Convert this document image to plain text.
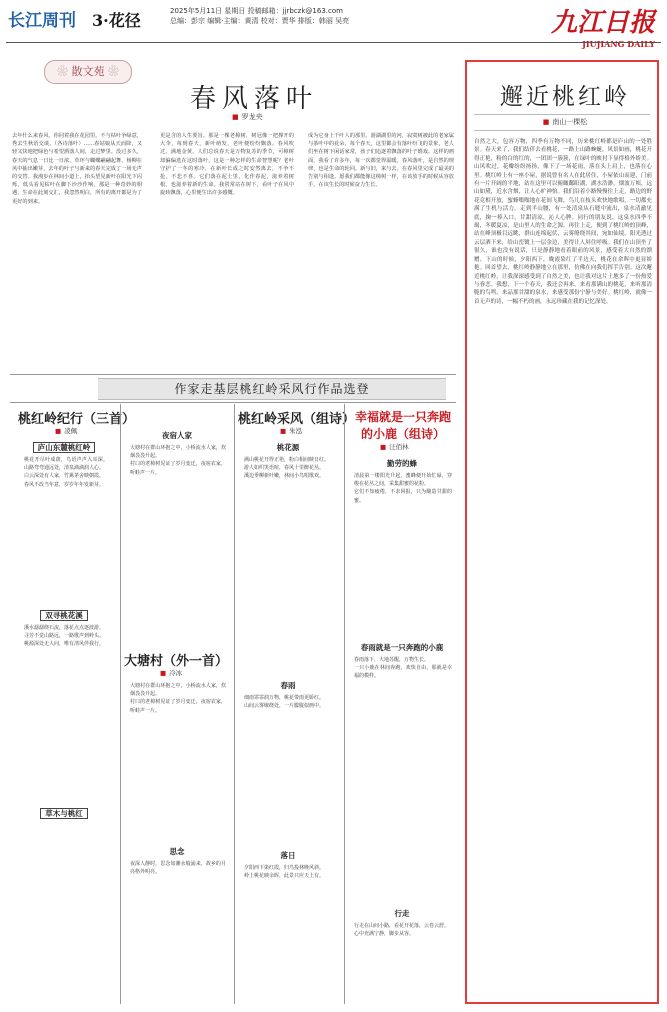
长江周刊 3·花径	2025年5月11日 星期日 投稿邮箱：jjrbczk@163.com
总编：彭宗 编辑·主编：黄清 校对：贾华 排版：韩丽 吴亮	九江日报
JIUJIANG DAILY
❀ 散文苑 ❀
春风落叶
■ 罗龙央
去年什么来春风，你同着我在花园里。不与枯叶争绿意，秀去生秋语交谈。（各诗落叶）……春姑娘从天而降，又轻又快地把绿色与希望洒落人间，走过梦里。没过多久，春天的气息一日比一日浓，草坪与蝴蝶翩翩起舞，杨柳在风中抽出嫩芽，去年的叶子与新来的春天完成了一场无声的交替。我漫步在林间小道上，抬头望见新叶在阳光下闪烁，低头看见枯叶在脚下沙沙作响，那是一种奇妙的相遇，生命在此刻交汇，我忽然明白，所有的离开都是为了更好的到来。
更是含的人生要旨。那是一棵老樟树，树冠像一把撑开的大伞，每到春天，新叶萌发，老叶便纷纷飘落。春风吹过，满地金黄，人们总说春天是万物复苏的季节，可樟树却偏偏选在这时落叶，这是一种怎样的生命智慧呢？老叶守护了一冬的寒冷，在新叶长成之时安然离去，不争不抢，不悲不喜。它们落在泥土里，化作春泥，滋养着树根，也滋养着新的生命。我常常站在树下，看叶子在风中旋转飘落，心里便生出许多感慨。
成为它身上千叶人的那里。游湖湖里的河，寂寞树被此的老家属与茶叶中的花朵，每个春天，这里都会有落叶纷飞的景象，老人们坐在树下闲话家常，孩子们追逐着飘落的叶子嬉戏。这样的画面，我看了许多年，每一次都觉得温暖。春风落叶，是自然的规律，也是生命的轮回。新与旧，来与去，在春风里完成了最美的告别与相逢。愿我们都能像这樟树一样，在该放手的时候从容放手，在该生长的时候奋力生长。
邂近桃红岭
■ 南山一棵松
自然之大，包容万物，四季有万物不同，历来桃红岭都是庐山的一处胜景。春天来了，我们结伴去看桃花，一路上山路蜿蜒，风景如画，桃花开得正艳，粉的白的红的，一团团一簇簇，在绿叶的映衬下显得格外娇美。山风吹过，花瓣纷纷扬扬，像下了一场花雨，落在头上肩上，也落在心里。桃红岭上有一座小屋，据说曾有名人在此居住，小屋依山而建，门前有一片开阔的平地，站在这里可以俯瞰鄱阳湖，湖水浩渺，烟波万顷，远山如黛，近水含烟，让人心旷神怡。我们沿着小路慢慢往上走，路边的野花竞相开放，蜜蜂嗡嗡地在花间飞舞，鸟儿在枝头欢快地歌唱，一切都充满了生机与活力。走到半山腰，有一处清泉从石缝中流出，泉水清澈见底，掬一捧入口，甘甜清凉，沁人心脾。同行的朋友说，这泉水四季不竭，冬暖夏凉，是山里人的生命之源。再往上走，便到了桃红岭的顶峰，站在峰顶极目远眺，群山连绵起伏，云雾缭绕其间，宛如仙境。阳光透过云层洒下来，给山峦镀上一层金边，美得让人屏住呼吸。我们在山顶坐了很久，谁也没有说话，只是静静地看着眼前的风景，感受着大自然的馈赠。下山的时候，夕阳西下，晚霞染红了半边天，桃花在余晖中更显娇艳。回首望去，桃红岭静静地立在那里，仿佛在向我们挥手告别。这次邂近桃红岭，让我深深感受到了自然之美，也让我对这片土地多了一份热爱与眷恋。我想，下一个春天，我还会再来，来看那满山的桃花，来听那清脆的鸟鸣，来品那甘甜的泉水，来感受那份宁静与美好。桃红岭，就像一首无声的诗，一幅不朽的画，永远珍藏在我的记忆深处。
作家走基层桃红岭采风行作品选登
桃红岭纪行（三首）
■ 凌佩
庐山东麓桃红岭
桃花开尽叶成荫，鸟语声声入耳深。山路弯弯通远处，清泉滴滴润人心。
白云深处有人家，竹篱茅舍映朝霞。
春风不改当年意，岁岁年年发新芽。
双寻桃花溪
溪水潺潺绕石流，落花点点逐波游。
寻芳不觉山路远，一路歌声到岭头。
桃源深处无人问，唯有清风伴我行。
草木与桃红
夜宿人家
大塘村在群山环抱之中，小桥流水人家，炊烟袅袅升起。
村口的老樟树见证了岁月变迁，夜宿农家，听蛙声一片。
大塘村（外一首）
■ 冷冰
大塘村在群山环抱之中，小桥流水人家，炊烟袅袅升起。
村口的老樟树见证了岁月变迁，夜宿农家，听蛙声一片。
思念
夜深人静时，思念如潮水般涌来，故乡的月亮格外明亮。
桃红岭采风（组诗）
■ 朱泓
桃花源
满山桃花开得正艳，粉白相间映日红。
游人如织笑语喧，春风十里醉花丛。
溪边垂柳新叶嫩，林间小鸟唱歌欢。
春雨
细雨霏霏润万物，桃花带雨更娇红。
山间云雾缭绕处，一片朦胧似画中。
落日
夕阳西下染红霞，归鸟投林晚风斜。
岭上桃花映余晖，此景只应天上有。
幸福就是一只奔跑的小鹿（组诗）
■ 汪佰林
勤劳的蜂
清晨第一缕阳光升起，蜜蜂便开始忙碌，穿梭在花丛之间，采集甜蜜的花粉。
它们不知疲倦，不求回报，只为酿造甘甜的蜜。
春雨就是一只奔跑的小鹿
春雨落下，大地苏醒，万物生长。
一只小鹿在林间奔跑，欢快自由，那就是幸福的模样。
行走
行走在山间小路，看花开花落，云卷云舒。
心中充满宁静，脚步从容。
